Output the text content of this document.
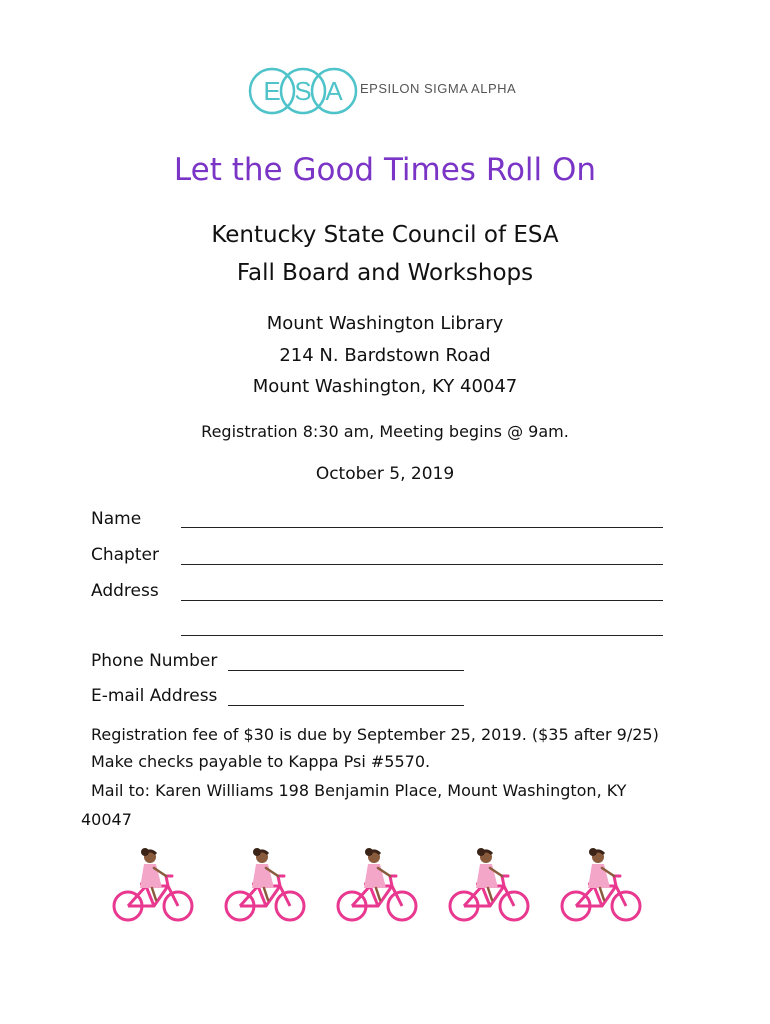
E S A EPSILON SIGMA ALPHA
Let the Good Times Roll On
Kentucky State Council of ESA
Fall Board and Workshops
Mount Washington Library
214 N. Bardstown Road
Mount Washington, KY 40047
Registration 8:30 am, Meeting begins @ 9am.
October 5, 2019
Name
Chapter
Address
Phone Number
E-mail Address
Registration fee of $30 is due by September 25, 2019. ($35 after 9/25)
Make checks payable to Kappa Psi #5570.
Mail to: Karen Williams 198 Benjamin Place, Mount Washington, KY
40047
